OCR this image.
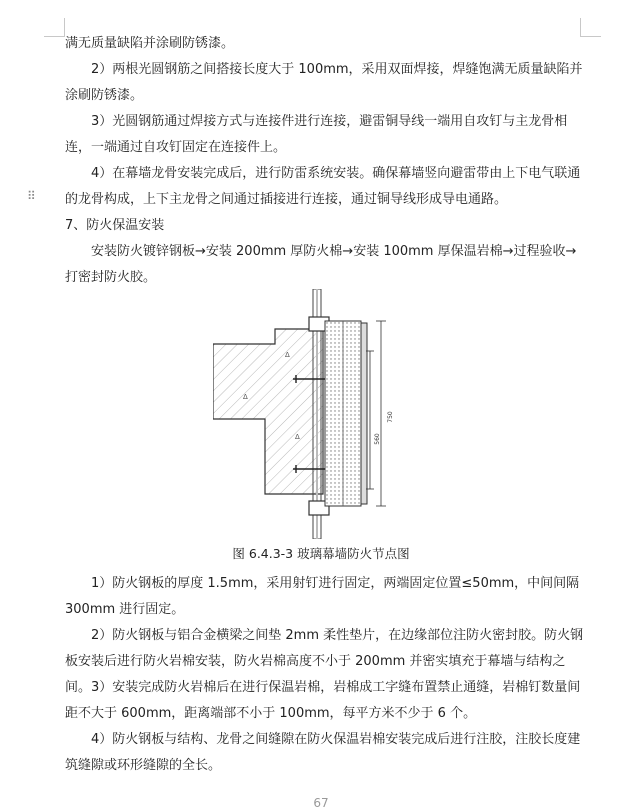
⠿

满无质量缺陷并涂刷防锈漆。

2）两根光圆钢筋之间搭接长度大于 100mm，采用双面焊接，焊缝饱满无质量缺陷并涂刷防锈漆。

3）光圆钢筋通过焊接方式与连接件进行连接，避雷铜导线一端用自攻钉与主龙骨相连，一端通过自攻钉固定在连接件上。

4）在幕墙龙骨安装完成后，进行防雷系统安装。确保幕墙竖向避雷带由上下电气联通的龙骨构成，上下主龙骨之间通过插接进行连接，通过铜导线形成导电通路。

7、防火保温安装

安装防火镀锌钢板→安装 200mm 厚防火棉→安装 100mm 厚保温岩棉→过程验收→打密封防火胶。

Δ
Δ
Δ
750
560
图 6.4.3-3 玻璃幕墙防火节点图

1）防火钢板的厚度 1.5mm，采用射钉进行固定，两端固定位置≤50mm，中间间隔 300mm 进行固定。

2）防火钢板与铝合金横梁之间垫 2mm 柔性垫片，在边缘部位注防火密封胶。防火钢板安装后进行防火岩棉安装，防火岩棉高度不小于 200mm 并密实填充于幕墙与结构之间。 3）安装完成防火岩棉后在进行保温岩棉，岩棉成工字缝布置禁止通缝，岩棉钉数量间距不大于 600mm，距离端部不小于 100mm，每平方米不少于 6 个。

4）防火钢板与结构、龙骨之间缝隙在防火保温岩棉安装完成后进行注胶，注胶长度建筑缝隙或环形缝隙的全长。

67
